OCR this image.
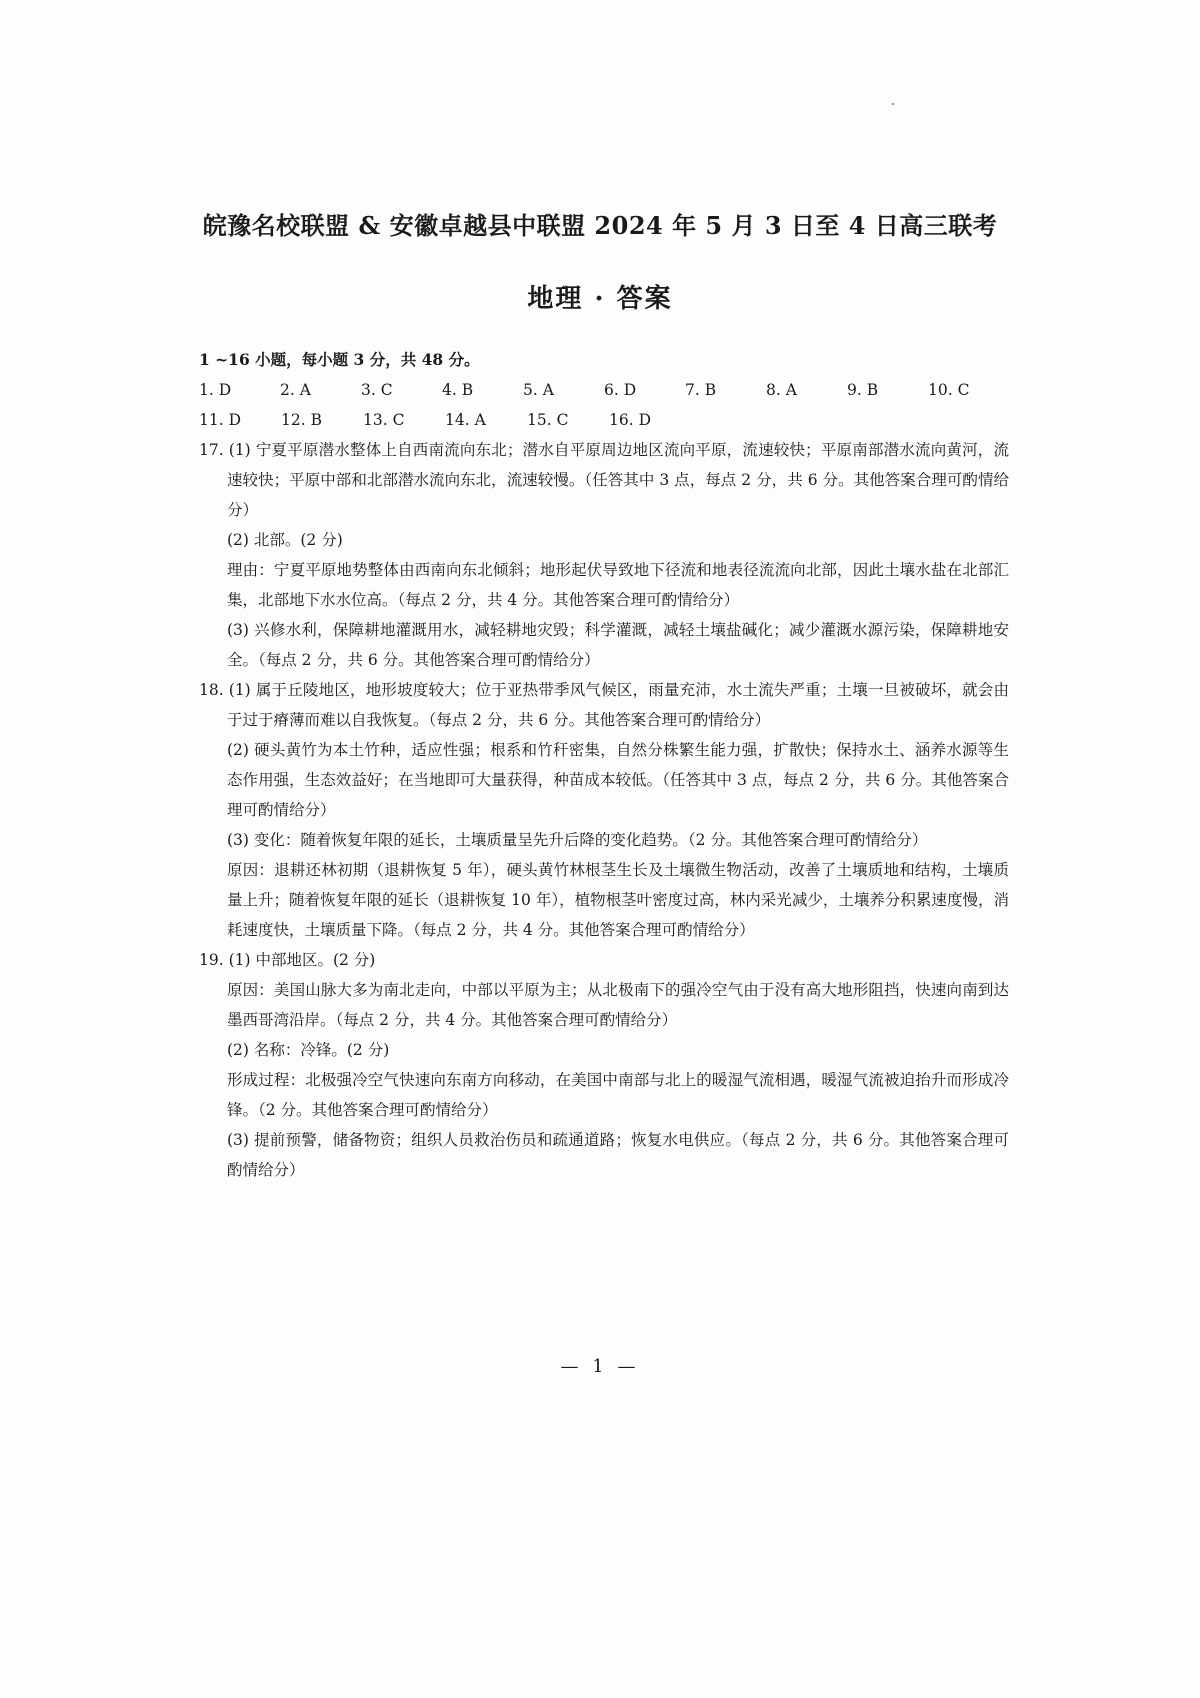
皖豫名校联盟 & 安徽卓越县中联盟 2024 年 5 月 3 日至 4 日高三联考
地理 · 答案
1 ~16 小题，每小题 3 分，共 48 分。
1. D	2. A	3. C	4. B	5. A	6. D	7. B	8. A	9. B	10. C
11. D	12. B	13. C	14. A	15. C	16. D

17. (1) 宁夏平原潜水整体上自西南流向东北；潜水自平原周边地区流向平原，流速较快；平原南部潜水流向黄河，流速较快；平原中部和北部潜水流向东北，流速较慢。（任答其中 3 点，每点 2 分，共 6 分。其他答案合理可酌情给分）

(2) 北部。(2 分)

理由：宁夏平原地势整体由西南向东北倾斜；地形起伏导致地下径流和地表径流流向北部，因此土壤水盐在北部汇集，北部地下水水位高。（每点 2 分，共 4 分。其他答案合理可酌情给分）

(3) 兴修水利，保障耕地灌溉用水，减轻耕地灾毁；科学灌溉，减轻土壤盐碱化；减少灌溉水源污染，保障耕地安全。（每点 2 分，共 6 分。其他答案合理可酌情给分）

18. (1) 属于丘陵地区，地形坡度较大；位于亚热带季风气候区，雨量充沛，水土流失严重；土壤一旦被破坏，就会由于过于瘠薄而难以自我恢复。（每点 2 分，共 6 分。其他答案合理可酌情给分）

(2) 硬头黄竹为本土竹种，适应性强；根系和竹秆密集，自然分株繁生能力强，扩散快；保持水土、涵养水源等生态作用强，生态效益好；在当地即可大量获得，种苗成本较低。（任答其中 3 点，每点 2 分，共 6 分。其他答案合理可酌情给分）

(3) 变化：随着恢复年限的延长，土壤质量呈先升后降的变化趋势。（2 分。其他答案合理可酌情给分）

原因：退耕还林初期（退耕恢复 5 年），硬头黄竹林根茎生长及土壤微生物活动，改善了土壤质地和结构，土壤质量上升；随着恢复年限的延长（退耕恢复 10 年），植物根茎叶密度过高，林内采光减少，土壤养分积累速度慢，消耗速度快，土壤质量下降。（每点 2 分，共 4 分。其他答案合理可酌情给分）

19. (1) 中部地区。(2 分)

原因：美国山脉大多为南北走向，中部以平原为主；从北极南下的强冷空气由于没有高大地形阻挡，快速向南到达墨西哥湾沿岸。（每点 2 分，共 4 分。其他答案合理可酌情给分）

(2) 名称：冷锋。(2 分)

形成过程：北极强冷空气快速向东南方向移动，在美国中南部与北上的暖湿气流相遇，暖湿气流被迫抬升而形成冷锋。（2 分。其他答案合理可酌情给分）

(3) 提前预警，储备物资；组织人员救治伤员和疏通道路；恢复水电供应。（每点 2 分，共 6 分。其他答案合理可酌情给分）

— 1 —
